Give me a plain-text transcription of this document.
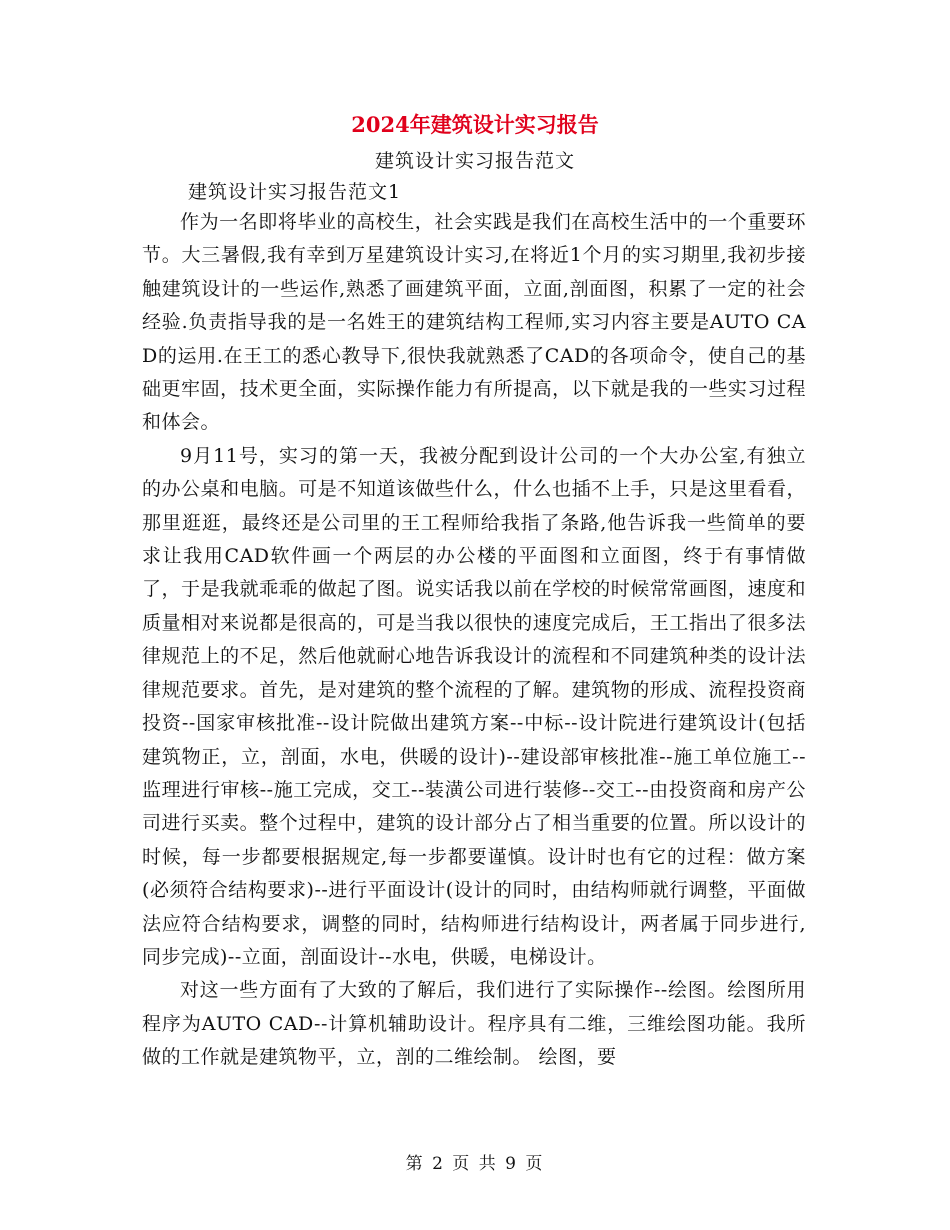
2024年建筑设计实习报告
建筑设计实习报告范文
建筑设计实习报告范文1

作为一名即将毕业的高校生，社会实践是我们在高校生活中的一个重要环节。大三暑假,我有幸到万星建筑设计实习,在将近1个月的实习期里,我初步接触建筑设计的一些运作,熟悉了画建筑平面，立面,剖面图，积累了一定的社会经验.负责指导我的是一名姓王的建筑结构工程师,实习内容主要是AUTO CAD的运用.在王工的悉心教导下,很快我就熟悉了CAD的各项命令，使自己的基础更牢固，技术更全面，实际操作能力有所提高，以下就是我的一些实习过程和体会。

9月11号，实习的第一天，我被分配到设计公司的一个大办公室,有独立的办公桌和电脑。可是不知道该做些什么，什么也插不上手，只是这里看看，那里逛逛，最终还是公司里的王工程师给我指了条路,他告诉我一些简单的要求让我用CAD软件画一个两层的办公楼的平面图和立面图，终于有事情做了，于是我就乖乖的做起了图。说实话我以前在学校的时候常常画图，速度和质量相对来说都是很高的，可是当我以很快的速度完成后，王工指出了很多法律规范上的不足，然后他就耐心地告诉我设计的流程和不同建筑种类的设计法律规范要求。首先，是对建筑的整个流程的了解。建筑物的形成、流程投资商投资--国家审核批准--设计院做出建筑方案--中标--设计院进行建筑设计(包括建筑物正，立，剖面，水电，供暖的设计)--建设部审核批准--施工单位施工--监理进行审核--施工完成，交工--装潢公司进行装修--交工--由投资商和房产公司进行买卖。整个过程中，建筑的设计部分占了相当重要的位置。所以设计的时候，每一步都要根据规定,每一步都要谨慎。设计时也有它的过程：做方案(必须符合结构要求)--进行平面设计(设计的同时，由结构师就行调整，平面做法应符合结构要求，调整的同时，结构师进行结构设计，两者属于同步进行,同步完成)--立面，剖面设计--水电，供暖，电梯设计。

对这一些方面有了大致的了解后，我们进行了实际操作--绘图。绘图所用程序为AUTO CAD--计算机辅助设计。程序具有二维，三维绘图功能。我所做的工作就是建筑物平，立，剖的二维绘制。 绘图，要

第 2 页 共 9 页
